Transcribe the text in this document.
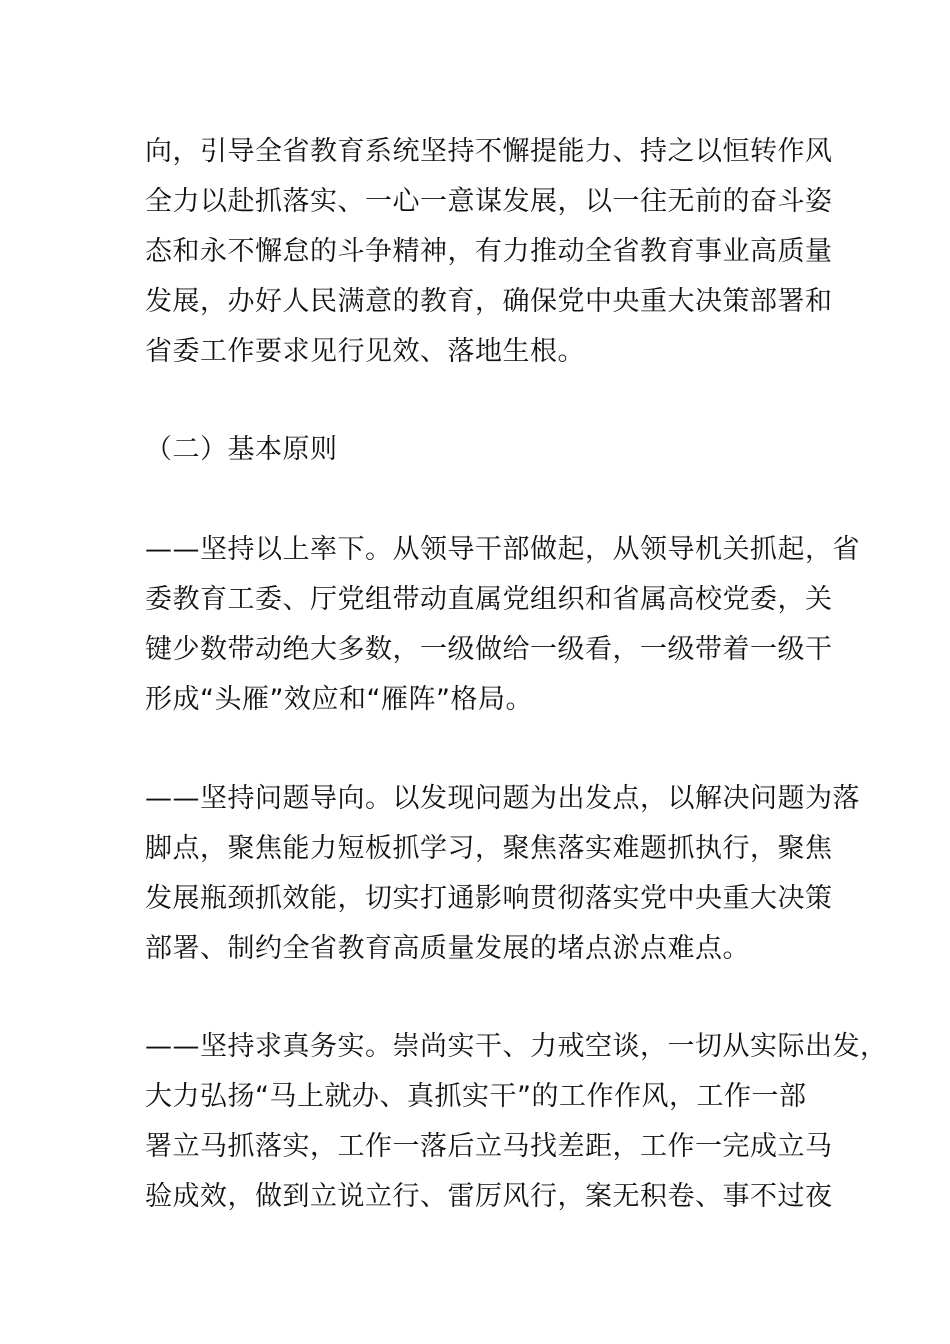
向，引导全省教育系统坚持不懈提能力、持之以恒转作风
全力以赴抓落实、一心一意谋发展，以一往无前的奋斗姿
态和永不懈怠的斗争精神，有力推动全省教育事业高质量
发展，办好人民满意的教育，确保党中央重大决策部署和
省委工作要求见行见效、落地生根。
（二）基本原则
——坚持以上率下。从领导干部做起，从领导机关抓起，省
委教育工委、厅党组带动直属党组织和省属高校党委，关
键少数带动绝大多数，一级做给一级看，一级带着一级干
形成“头雁”效应和“雁阵”格局。
——坚持问题导向。以发现问题为出发点，以解决问题为落
脚点，聚焦能力短板抓学习，聚焦落实难题抓执行，聚焦
发展瓶颈抓效能，切实打通影响贯彻落实党中央重大决策
部署、制约全省教育高质量发展的堵点淤点难点。
——坚持求真务实。崇尚实干、力戒空谈，一切从实际出发，
大力弘扬“马上就办、真抓实干”的工作作风，工作一部
署立马抓落实，工作一落后立马找差距，工作一完成立马
验成效，做到立说立行、雷厉风行，案无积卷、事不过夜
